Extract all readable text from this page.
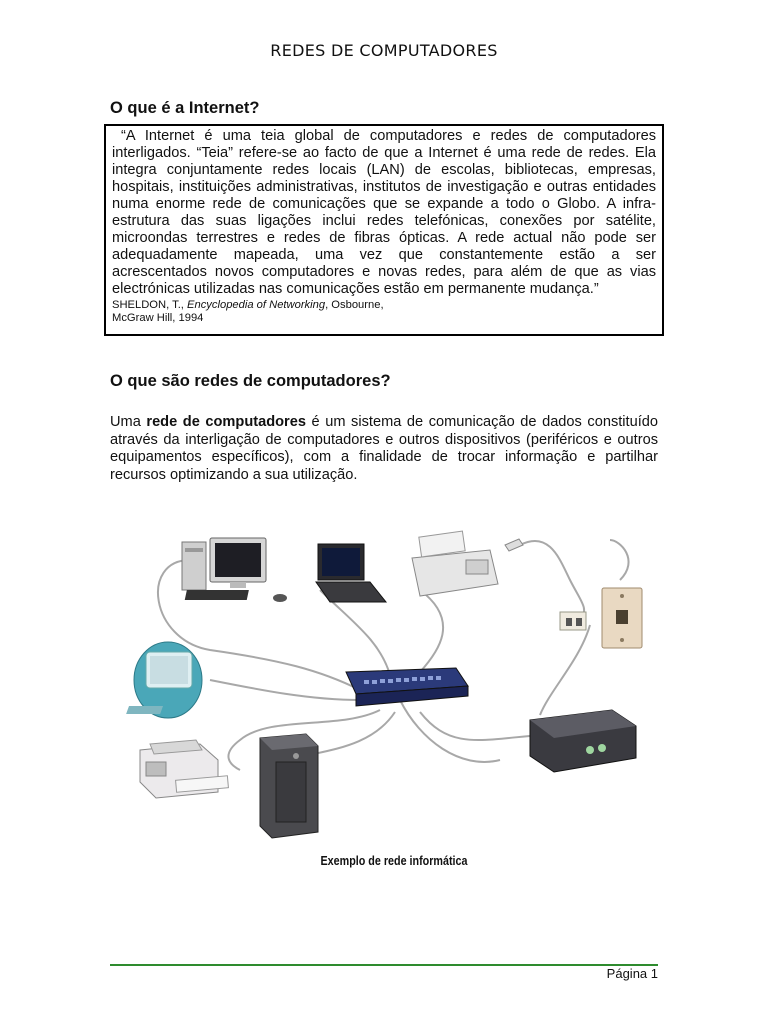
REDES DE COMPUTADORES
O que é a Internet?

“A Internet é uma teia global de computadores e redes de computadores interligados. “Teia” refere-se ao facto de que a Internet é uma rede de redes. Ela integra conjuntamente redes locais (LAN) de escolas, bibliotecas, empresas, hospitais, instituições administrativas, institutos de investigação e outras entidades numa enorme rede de comunicações que se expande a todo o Globo. A infra-estrutura das suas ligações inclui redes telefónicas, conexões por satélite, microondas terrestres e redes de fibras ópticas. A rede actual não pode ser adequadamente mapeada, uma vez que constantemente estão a ser acrescentados novos computadores e novas redes, para além de que as vias electrónicas utilizadas nas comunicações estão em permanente mudança.”

SHELDON, T., Encyclopedia of Networking, Osbourne,
McGraw Hill, 1994
O que são redes de computadores?

Uma rede de computadores é um sistema de comunicação de dados constituído através da interligação de computadores e outros dispositivos (periféricos e outros equipamentos específicos), com a finalidade de trocar informação e partilhar recursos optimizando a sua utilização.

Exemplo de rede informática
Página 1
